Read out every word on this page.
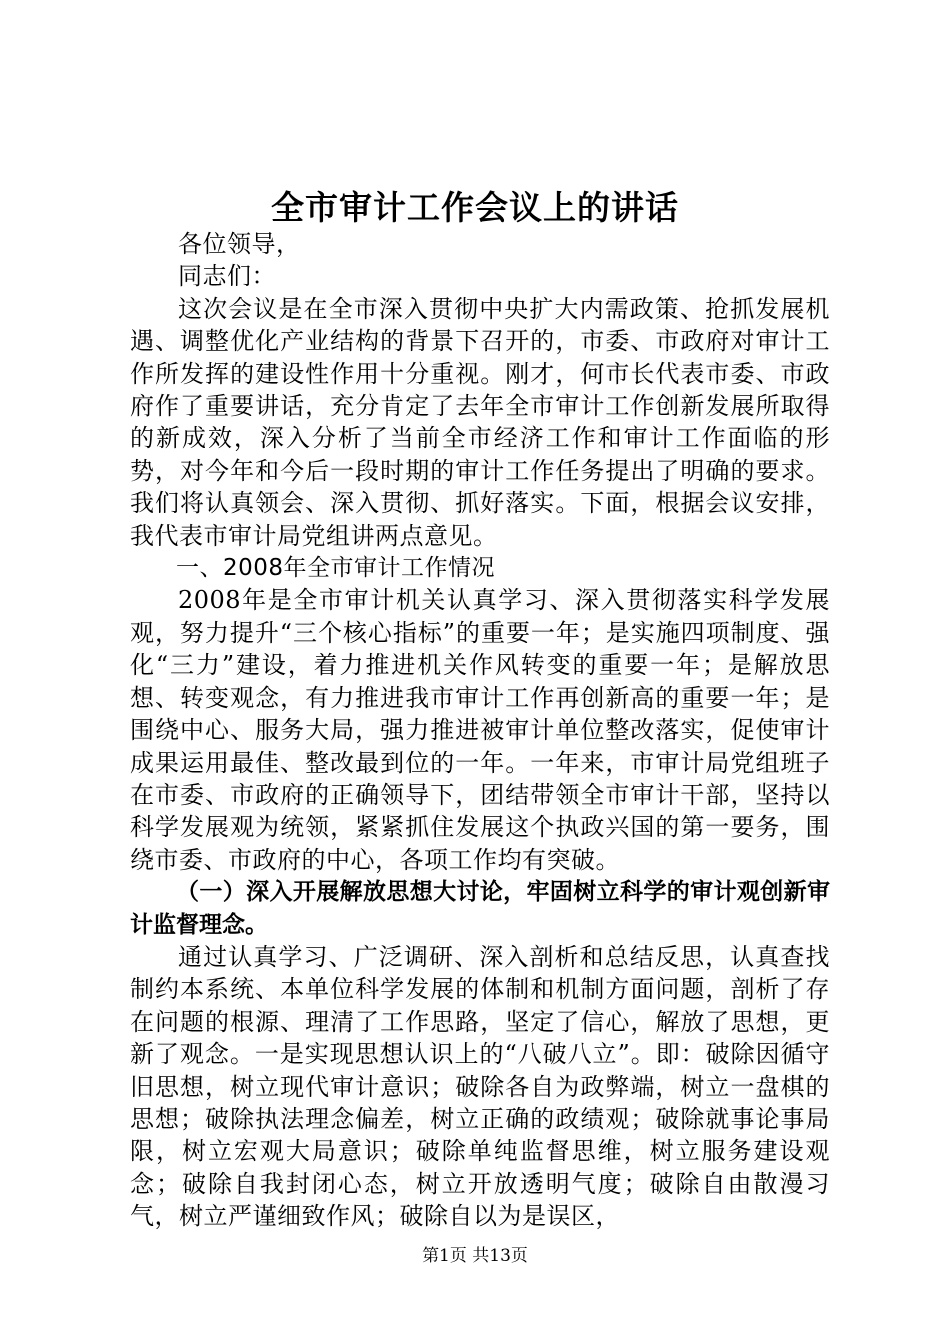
全市审计工作会议上的讲话

各位领导，

同志们：

这次会议是在全市深入贯彻中央扩大内需政策、抢抓发展机遇、调整优化产业结构的背景下召开的，市委、市政府对审计工作所发挥的建设性作用十分重视。刚才，何市长代表市委、市政府作了重要讲话，充分肯定了去年全市审计工作创新发展所取得的新成效，深入分析了当前全市经济工作和审计工作面临的形势，对今年和今后一段时期的审计工作任务提出了明确的要求。我们将认真领会、深入贯彻、抓好落实。下面，根据会议安排，我代表市审计局党组讲两点意见。

一、2008年全市审计工作情况

2008年是全市审计机关认真学习、深入贯彻落实科学发展观，努力提升“三个核心指标”的重要一年；是实施四项制度、强化“三力”建设，着力推进机关作风转变的重要一年；是解放思想、转变观念，有力推进我市审计工作再创新高的重要一年；是围绕中心、服务大局，强力推进被审计单位整改落实，促使审计成果运用最佳、整改最到位的一年。一年来，市审计局党组班子在市委、市政府的正确领导下，团结带领全市审计干部，坚持以科学发展观为统领，紧紧抓住发展这个执政兴国的第一要务，围绕市委、市政府的中心，各项工作均有突破。

（一）深入开展解放思想大讨论，牢固树立科学的审计观创新审计监督理念。

通过认真学习、广泛调研、深入剖析和总结反思，认真查找制约本系统、本单位科学发展的体制和机制方面问题，剖析了存在问题的根源、理清了工作思路，坚定了信心，解放了思想，更新了观念。一是实现思想认识上的“八破八立”。即：破除因循守旧思想，树立现代审计意识；破除各自为政弊端，树立一盘棋的思想；破除执法理念偏差，树立正确的政绩观；破除就事论事局限，树立宏观大局意识；破除单纯监督思维，树立服务建设观念；破除自我封闭心态，树立开放透明气度；破除自由散漫习气，树立严谨细致作风；破除自以为是误区，

第1页 共13页
